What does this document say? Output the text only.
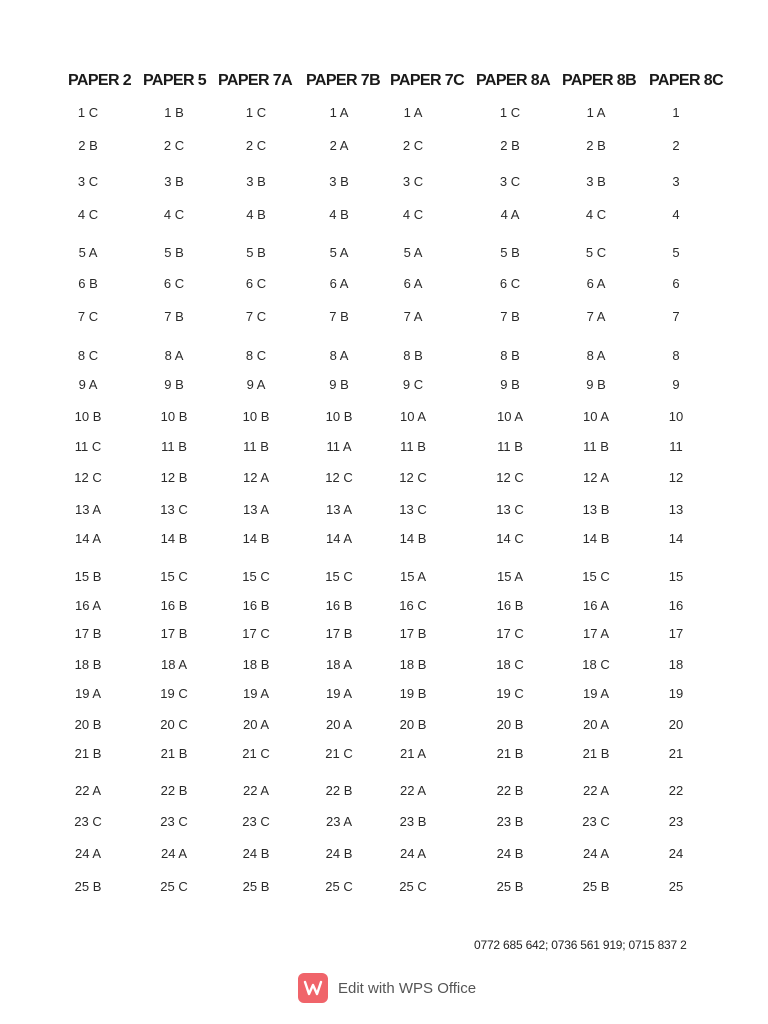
PAPER 2 PAPER 5 PAPER 7A PAPER 7B PAPER 7C PAPER 8A PAPER 8B PAPER 8C
1 C
2 B
3 C
4 C
5 A
6 B
7 C
8 C
9 A
10 B
11 C
12 C
13 A
14 A
15 B
16 A
17 B
18 B
19 A
20 B
21 B
22 A
23 C
24 A
25 B
1 B
2 C
3 B
4 C
5 B
6 C
7 B
8 A
9 B
10 B
11 B
12 B
13 C
14 B
15 C
16 B
17 B
18 A
19 C
20 C
21 B
22 B
23 C
24 A
25 C
1 C
2 C
3 B
4 B
5 B
6 C
7 C
8 C
9 A
10 B
11 B
12 A
13 A
14 B
15 C
16 B
17 C
18 B
19 A
20 A
21 C
22 A
23 C
24 B
25 B
1 A
2 A
3 B
4 B
5 A
6 A
7 B
8 A
9 B
10 B
11 A
12 C
13 A
14 A
15 C
16 B
17 B
18 A
19 A
20 A
21 C
22 B
23 A
24 B
25 C
1 A
2 C
3 C
4 C
5 A
6 A
7 A
8 B
9 C
10 A
11 B
12 C
13 C
14 B
15 A
16 C
17 B
18 B
19 B
20 B
21 A
22 A
23 B
24 A
25 C
1 C
2 B
3 C
4 A
5 B
6 C
7 B
8 B
9 B
10 A
11 B
12 C
13 C
14 C
15 A
16 B
17 C
18 C
19 C
20 B
21 B
22 B
23 B
24 B
25 B
1 A
2 B
3 B
4 C
5 C
6 A
7 A
8 A
9 B
10 A
11 B
12 A
13 B
14 B
15 C
16 A
17 A
18 C
19 A
20 A
21 B
22 A
23 C
24 A
25 B
1
2
3
4
5
6
7
8
9
10
11
12
13
14
15
16
17
18
19
20
21
22
23
24
25
0772 685 642; 0736 561 919; 0715 837 2
Edit with WPS Office
